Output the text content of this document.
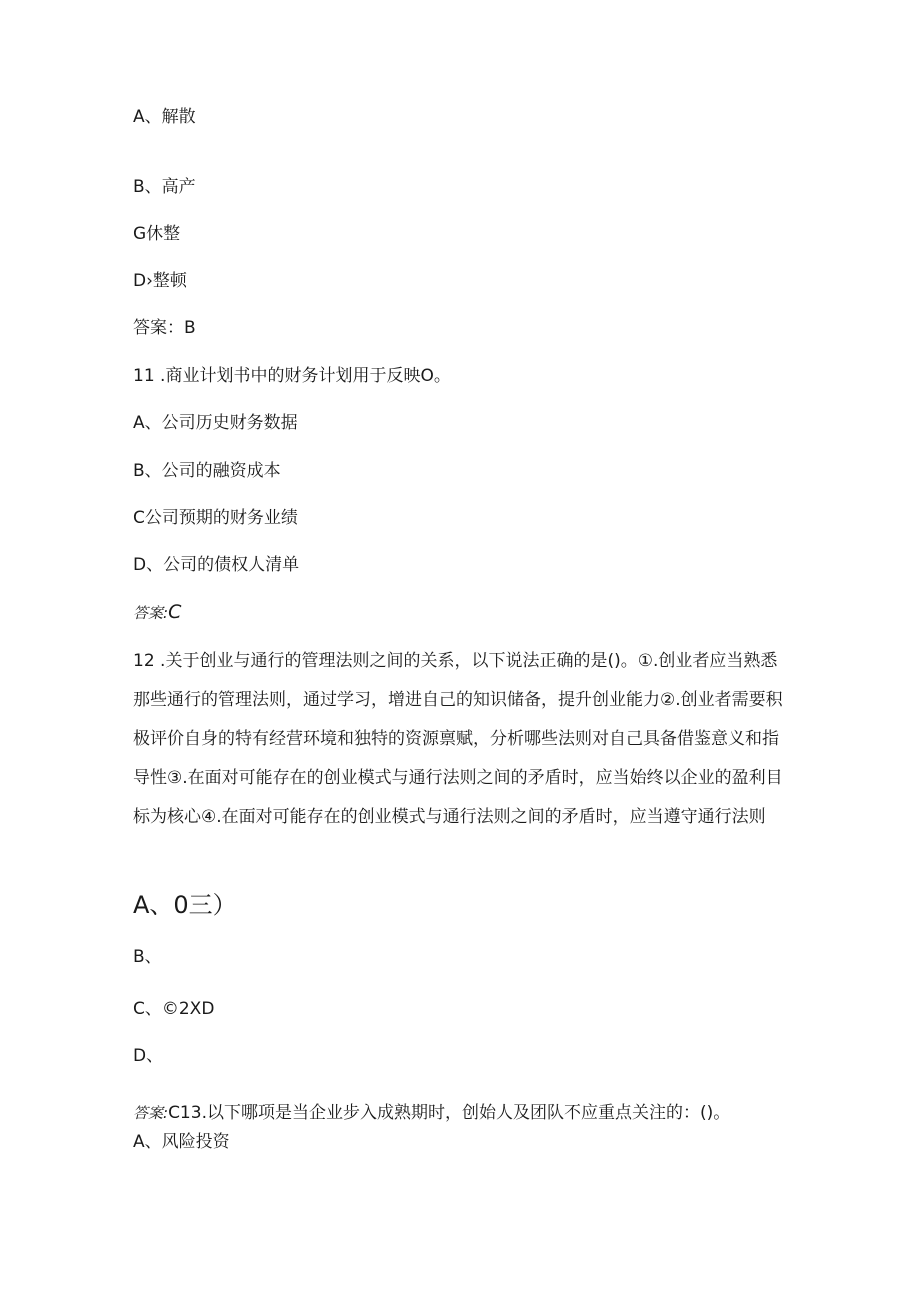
A、解散

B、高产

G休整

D›整顿

答案：B

11 .商业计划书中的财务计划用于反映O。

A、公司历史财务数据

B、公司的融资成本

C公司预期的财务业绩

D、公司的债权人清单

答案:C

12 .关于创业与通行的管理法则之间的关系，以下说法正确的是()。①.创业者应当熟悉那些通行的管理法则，通过学习，增进自己的知识储备，提升创业能力②.创业者需要积极评价自身的特有经营环境和独特的资源禀赋，分析哪些法则对自己具备借鉴意义和指导性③.在面对可能存在的创业模式与通行法则之间的矛盾时，应当始终以企业的盈利目标为核心④.在面对可能存在的创业模式与通行法则之间的矛盾时，应当遵守通行法则

A、0三）

B、

C、©2XD

D、

答案:C13.以下哪项是当企业步入成熟期时，创始人及团队不应重点关注的：()。

A、风险投资
